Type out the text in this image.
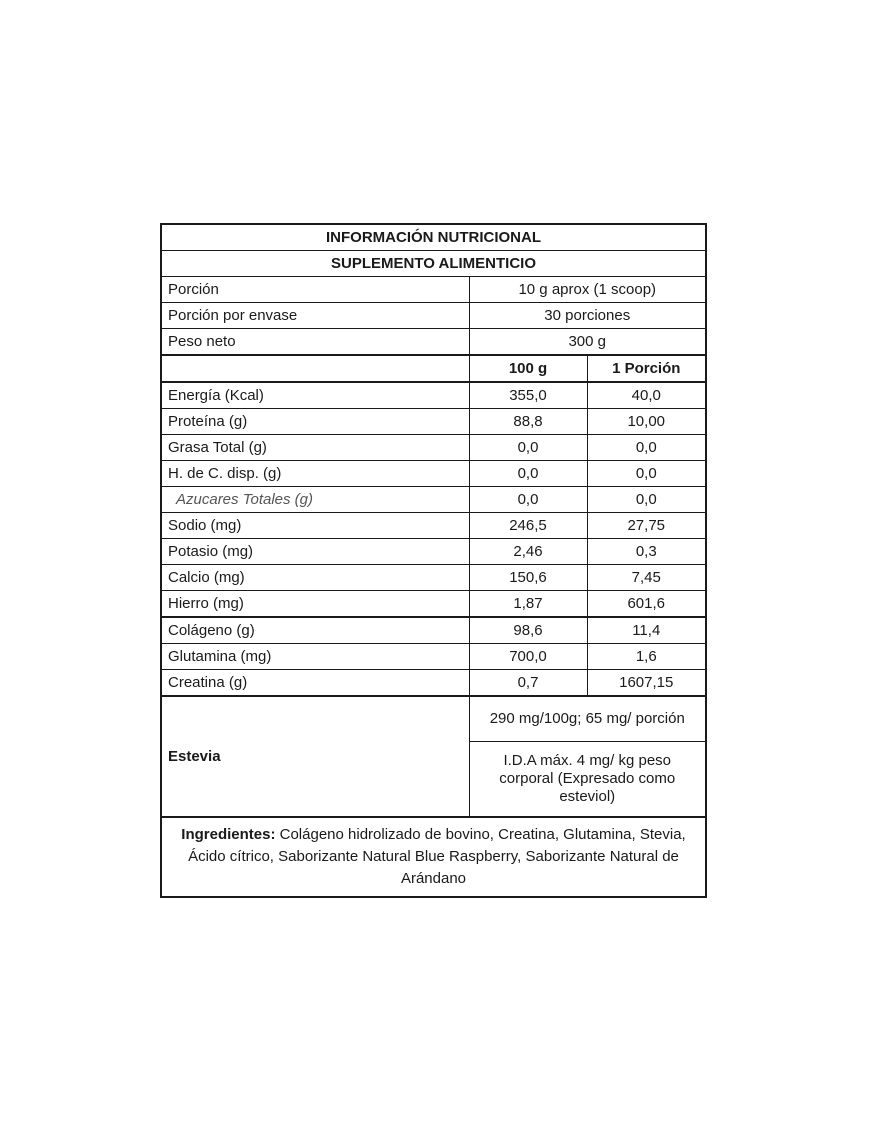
INFORMACIÓN NUTRICIONAL		
SUPLEMENTO ALIMENTICIO		
Porción	10 g aprox (1 scoop)	
Porción por envase	30 porciones	
Peso neto	300 g	
	100 g	1 Porción
Energía (Kcal)	355,0	40,0
Proteína (g)	88,8	10,00
Grasa Total (g)	0,0	0,0
H. de C. disp. (g)	0,0	0,0
Azucares Totales (g)	0,0	0,0
Sodio (mg)	246,5	27,75
Potasio (mg)	2,46	0,3
Calcio (mg)	150,6	7,45
Hierro (mg)	1,87	601,6
Colágeno (g)	98,6	11,4
Glutamina (mg)	700,0	1,6
Creatina (g)	0,7	1607,15
Estevia	290 mg/100g; 65 mg/ porción	
	I.D.A máx. 4 mg/ kg peso corporal (Expresado como esteviol)	
Ingredientes: Colágeno hidrolizado de bovino, Creatina, Glutamina, Stevia, Ácido cítrico, Saborizante Natural Blue Raspberry, Saborizante Natural de Arándano		
